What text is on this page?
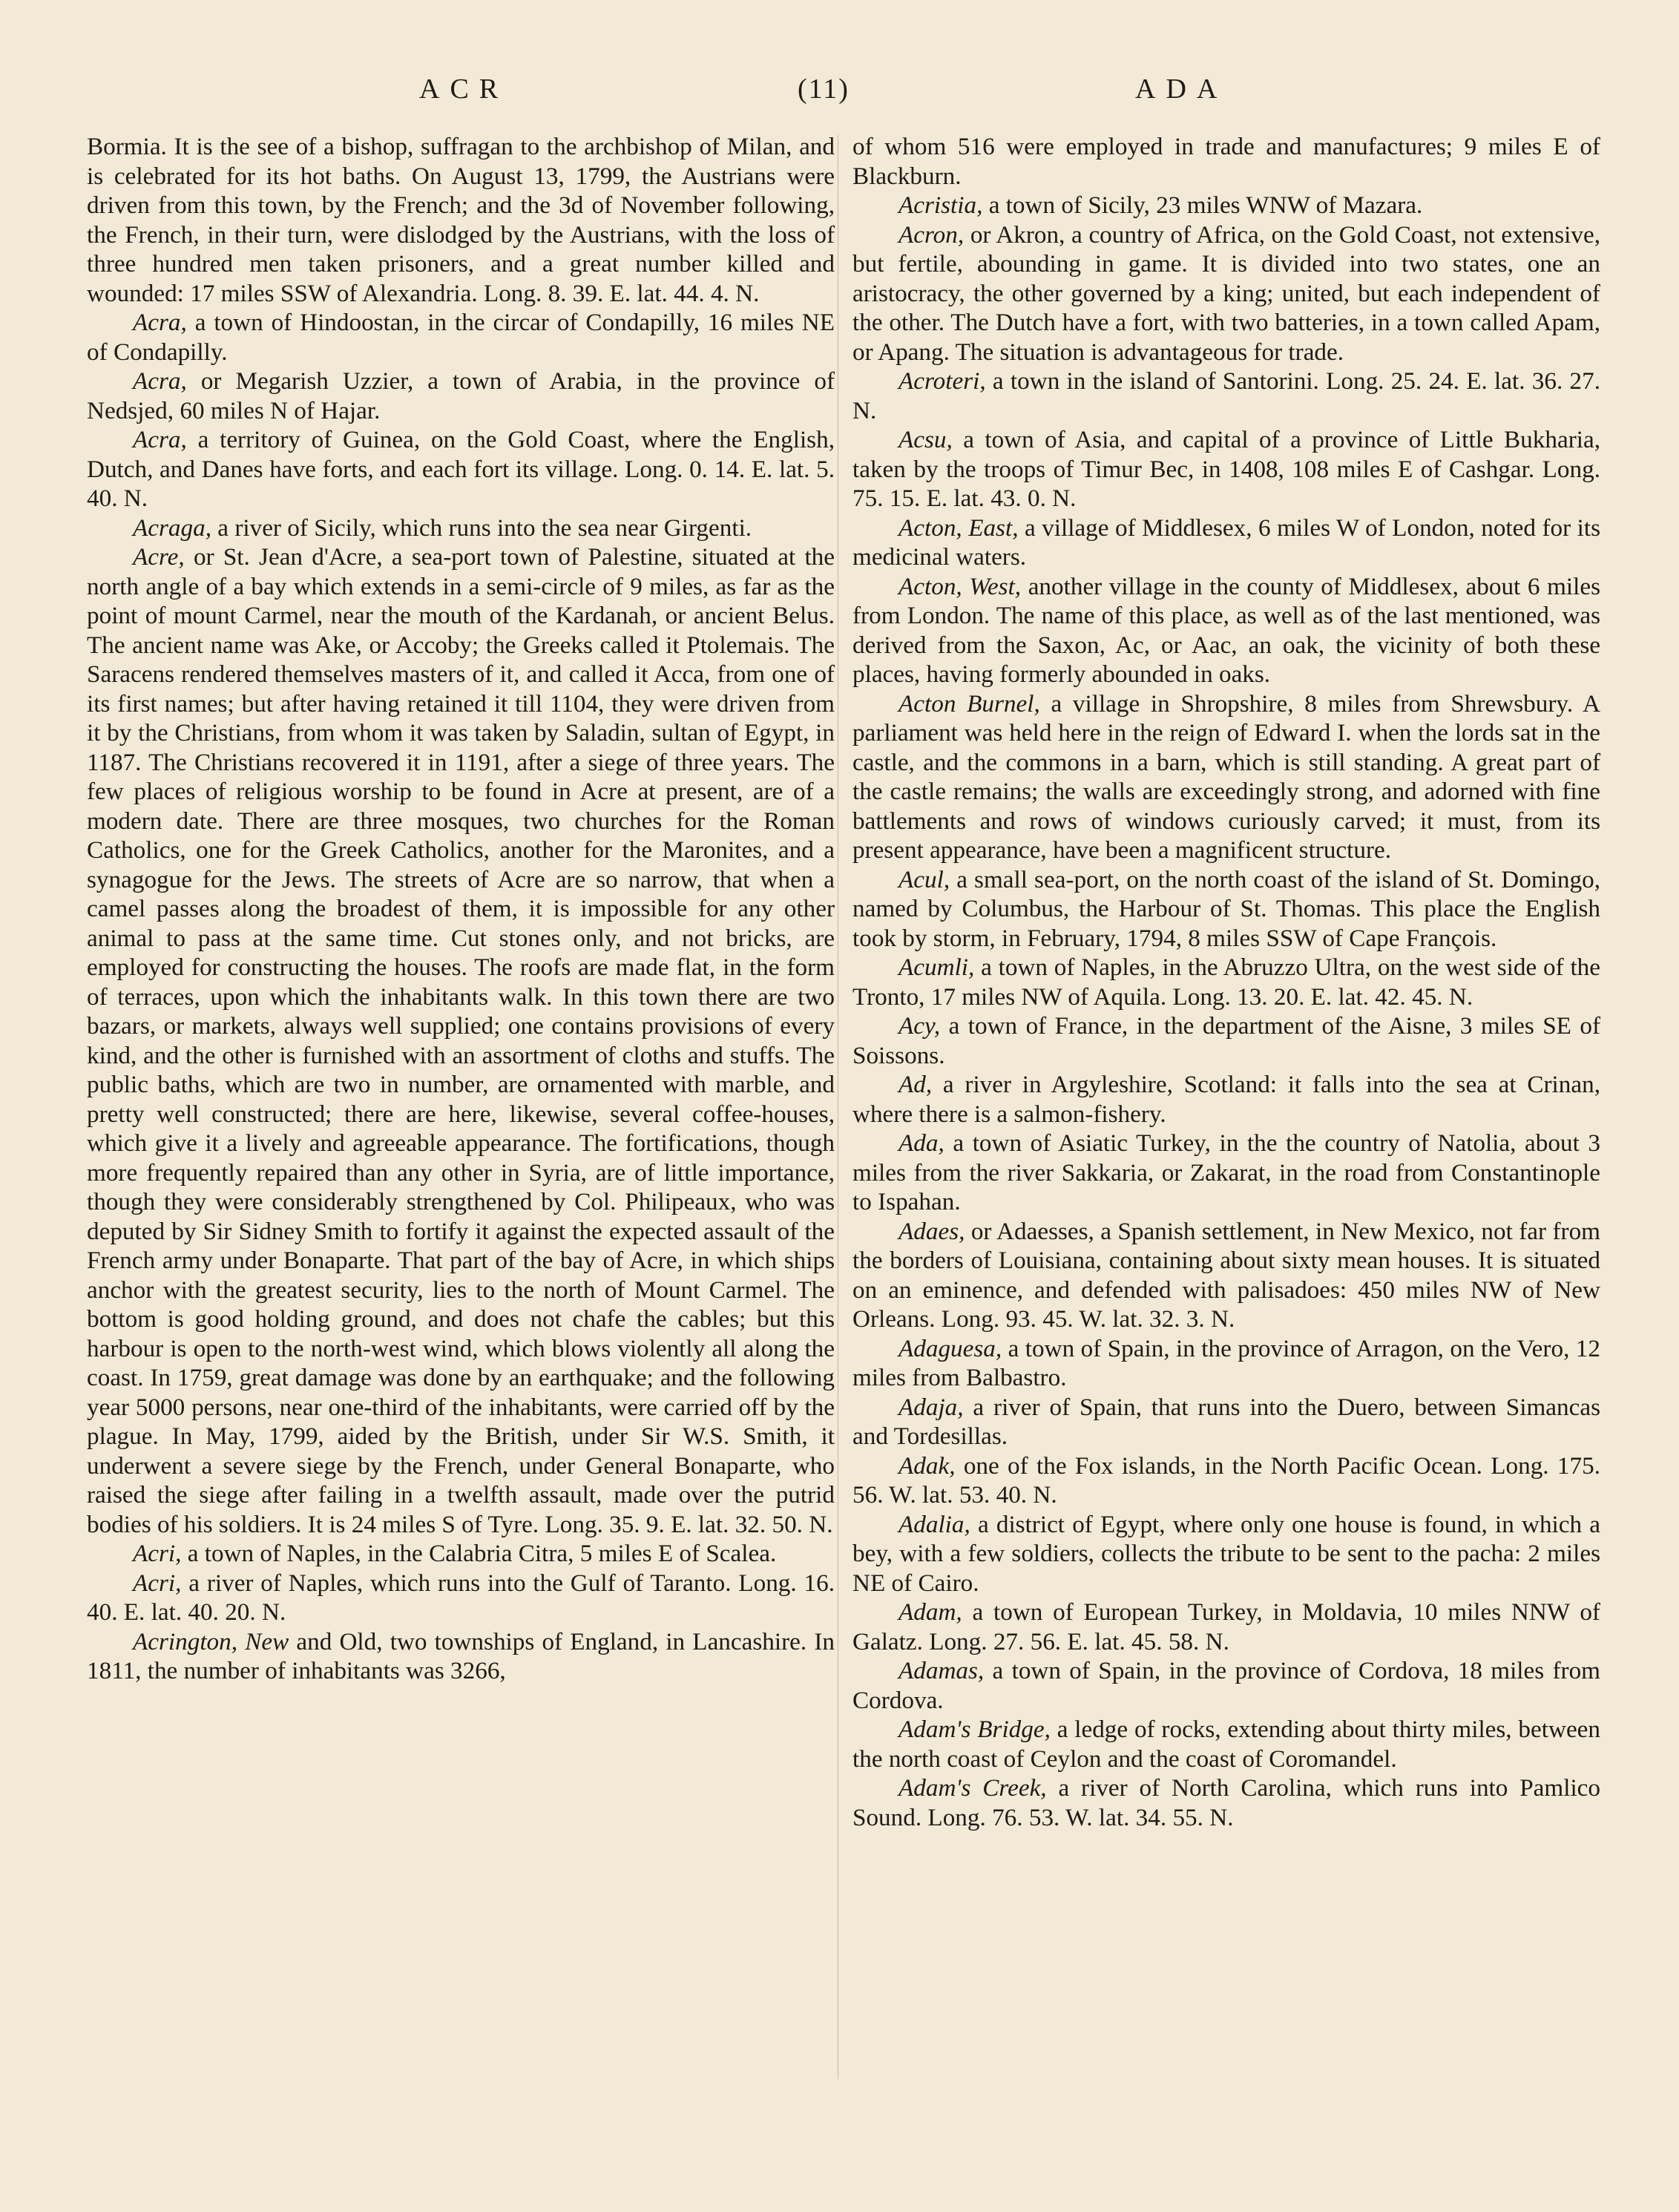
ACR	(11)	ADA

Bormia. It is the see of a bishop, suffragan to the archbishop of Milan, and is celebrated for its hot baths. On August 13, 1799, the Austrians were driven from this town, by the French; and the 3d of November following, the French, in their turn, were dislodged by the Austrians, with the loss of three hundred men taken prisoners, and a great number killed and wounded: 17 miles SSW of Alexandria. Long. 8. 39. E. lat. 44. 4. N.

Acra, a town of Hindoostan, in the circar of Condapilly, 16 miles NE of Condapilly.

Acra, or Megarish Uzzier, a town of Arabia, in the province of Nedsjed, 60 miles N of Hajar.

Acra, a territory of Guinea, on the Gold Coast, where the English, Dutch, and Danes have forts, and each fort its village. Long. 0. 14. E. lat. 5. 40. N.

Acraga, a river of Sicily, which runs into the sea near Girgenti.

Acre, or St. Jean d'Acre, a sea-port town of Palestine, situated at the north angle of a bay which extends in a semi-circle of 9 miles, as far as the point of mount Carmel, near the mouth of the Kardanah, or ancient Belus. The ancient name was Ake, or Accoby; the Greeks called it Ptolemais. The Saracens rendered themselves masters of it, and called it Acca, from one of its first names; but after having retained it till 1104, they were driven from it by the Christians, from whom it was taken by Saladin, sultan of Egypt, in 1187. The Christians recovered it in 1191, after a siege of three years. The few places of religious worship to be found in Acre at present, are of a modern date. There are three mosques, two churches for the Roman Catholics, one for the Greek Catholics, another for the Maronites, and a synagogue for the Jews. The streets of Acre are so narrow, that when a camel passes along the broadest of them, it is impossible for any other animal to pass at the same time. Cut stones only, and not bricks, are employed for constructing the houses. The roofs are made flat, in the form of terraces, upon which the inhabitants walk. In this town there are two bazars, or markets, always well supplied; one contains provisions of every kind, and the other is furnished with an assortment of cloths and stuffs. The public baths, which are two in number, are ornamented with marble, and pretty well constructed; there are here, likewise, several coffee-houses, which give it a lively and agreeable appearance. The fortifications, though more frequently repaired than any other in Syria, are of little importance, though they were considerably strengthened by Col. Philipeaux, who was deputed by Sir Sidney Smith to fortify it against the expected assault of the French army under Bonaparte. That part of the bay of Acre, in which ships anchor with the greatest security, lies to the north of Mount Carmel. The bottom is good holding ground, and does not chafe the cables; but this harbour is open to the north-west wind, which blows violently all along the coast. In 1759, great damage was done by an earthquake; and the following year 5000 persons, near one-third of the inhabitants, were carried off by the plague. In May, 1799, aided by the British, under Sir W.S. Smith, it underwent a severe siege by the French, under General Bonaparte, who raised the siege after failing in a twelfth assault, made over the putrid bodies of his soldiers. It is 24 miles S of Tyre. Long. 35. 9. E. lat. 32. 50. N.

Acri, a town of Naples, in the Calabria Citra, 5 miles E of Scalea.

Acri, a river of Naples, which runs into the Gulf of Taranto. Long. 16. 40. E. lat. 40. 20. N.

Acrington, New and Old, two townships of England, in Lancashire. In 1811, the number of inhabitants was 3266,

of whom 516 were employed in trade and manufactures; 9 miles E of Blackburn.

Acristia, a town of Sicily, 23 miles WNW of Mazara.

Acron, or Akron, a country of Africa, on the Gold Coast, not extensive, but fertile, abounding in game. It is divided into two states, one an aristocracy, the other governed by a king; united, but each independent of the other. The Dutch have a fort, with two batteries, in a town called Apam, or Apang. The situation is advantageous for trade.

Acroteri, a town in the island of Santorini. Long. 25. 24. E. lat. 36. 27. N.

Acsu, a town of Asia, and capital of a province of Little Bukharia, taken by the troops of Timur Bec, in 1408, 108 miles E of Cashgar. Long. 75. 15. E. lat. 43. 0. N.

Acton, East, a village of Middlesex, 6 miles W of London, noted for its medicinal waters.

Acton, West, another village in the county of Middlesex, about 6 miles from London. The name of this place, as well as of the last mentioned, was derived from the Saxon, Ac, or Aac, an oak, the vicinity of both these places, having formerly abounded in oaks.

Acton Burnel, a village in Shropshire, 8 miles from Shrewsbury. A parliament was held here in the reign of Edward I. when the lords sat in the castle, and the commons in a barn, which is still standing. A great part of the castle remains; the walls are exceedingly strong, and adorned with fine battlements and rows of windows curiously carved; it must, from its present appearance, have been a magnificent structure.

Acul, a small sea-port, on the north coast of the island of St. Domingo, named by Columbus, the Harbour of St. Thomas. This place the English took by storm, in February, 1794, 8 miles SSW of Cape François.

Acumli, a town of Naples, in the Abruzzo Ultra, on the west side of the Tronto, 17 miles NW of Aquila. Long. 13. 20. E. lat. 42. 45. N.

Acy, a town of France, in the department of the Aisne, 3 miles SE of Soissons.

Ad, a river in Argyleshire, Scotland: it falls into the sea at Crinan, where there is a salmon-fishery.

Ada, a town of Asiatic Turkey, in the the country of Natolia, about 3 miles from the river Sakkaria, or Zakarat, in the road from Constantinople to Ispahan.

Adaes, or Adaesses, a Spanish settlement, in New Mexico, not far from the borders of Louisiana, containing about sixty mean houses. It is situated on an eminence, and defended with palisadoes: 450 miles NW of New Orleans. Long. 93. 45. W. lat. 32. 3. N.

Adaguesa, a town of Spain, in the province of Arragon, on the Vero, 12 miles from Balbastro.

Adaja, a river of Spain, that runs into the Duero, between Simancas and Tordesillas.

Adak, one of the Fox islands, in the North Pacific Ocean. Long. 175. 56. W. lat. 53. 40. N.

Adalia, a district of Egypt, where only one house is found, in which a bey, with a few soldiers, collects the tribute to be sent to the pacha: 2 miles NE of Cairo.

Adam, a town of European Turkey, in Moldavia, 10 miles NNW of Galatz. Long. 27. 56. E. lat. 45. 58. N.

Adamas, a town of Spain, in the province of Cordova, 18 miles from Cordova.

Adam's Bridge, a ledge of rocks, extending about thirty miles, between the north coast of Ceylon and the coast of Coromandel.

Adam's Creek, a river of North Carolina, which runs into Pamlico Sound. Long. 76. 53. W. lat. 34. 55. N.
